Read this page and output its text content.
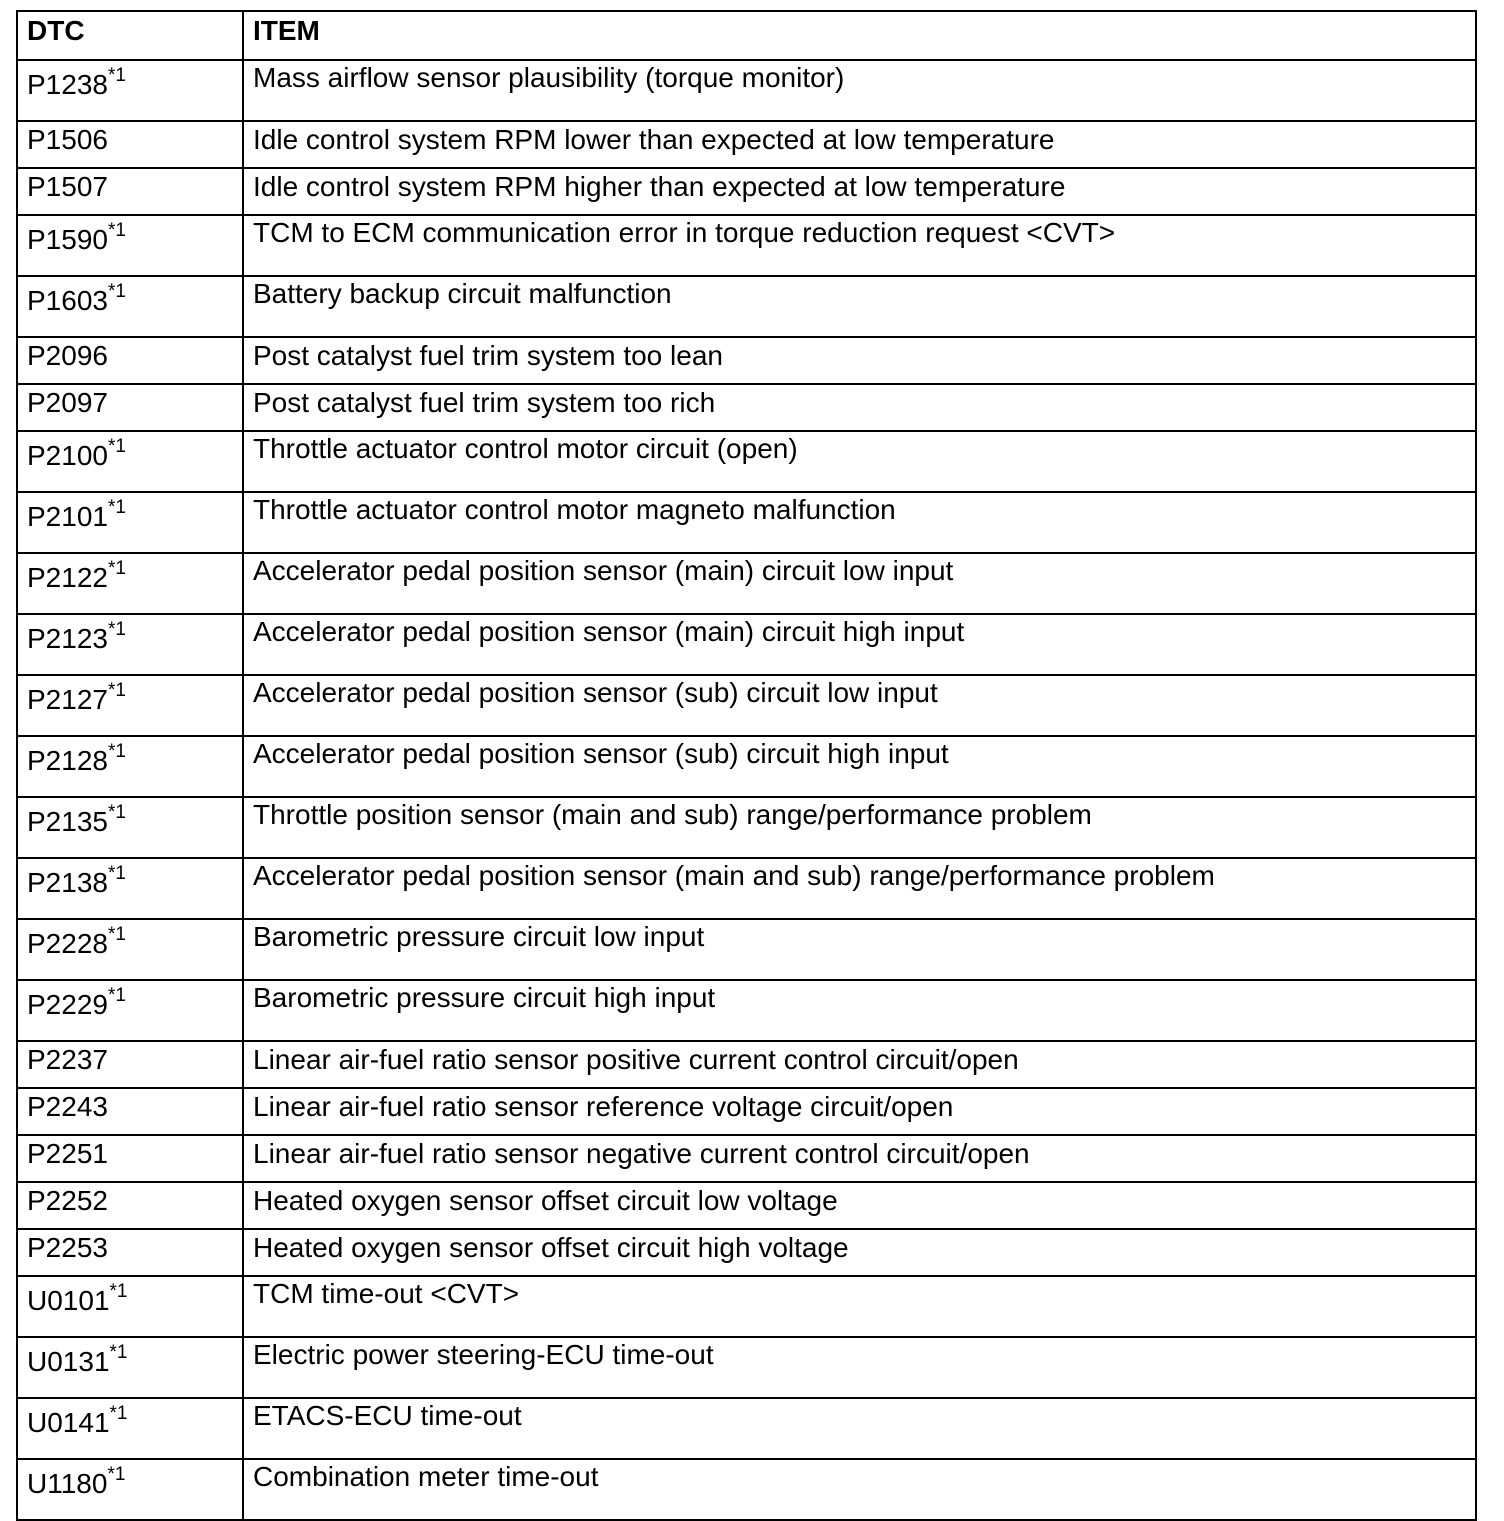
DTC	ITEM
P1238$^{*1}$	Mass airflow sensor plausibility (torque monitor)
P1506	Idle control system RPM lower than expected at low temperature
P1507	Idle control system RPM higher than expected at low temperature
P1590$^{*1}$	TCM to ECM communication error in torque reduction request <CVT>
$P1603^{*1}$	Battery backup circuit malfunction
P2096	Post catalyst fuel trim system too lean
P2097	Post catalyst fuel trim system too rich
P2100$^{*1}$	Throttle actuator control motor circuit (open)
P2101$^{*1}$	Throttle actuator control motor magneto malfunction
P2122$^{*1}$	Accelerator pedal position sensor (main) circuit low input
P2123$^{*1}$	Accelerator pedal position sensor (main) circuit high input
P2127$^{*1}$	Accelerator pedal position sensor (sub) circuit low input
P2128$^{*1}$	Accelerator pedal position sensor (sub) circuit high input
P2135$^{*1}$	Throttle position sensor (main and sub) range/performance problem
P2138$^{*1}$	Accelerator pedal position sensor (main and sub) range/performance problem
P2228$^{*1}$	Barometric pressure circuit low input
P2229$^{*1}$	Barometric pressure circuit high input
P2237	Linear air-fuel ratio sensor positive current control circuit/open
P2243	Linear air-fuel ratio sensor reference voltage circuit/open
P2251	Linear air-fuel ratio sensor negative current control circuit/open
P2252	Heated oxygen sensor offset circuit low voltage
P2253	Heated oxygen sensor offset circuit high voltage
U0101$^{*1}$	TCM time-out <CVT>
$U0131^{*1}$	Electric power steering-ECU time-out
U0141$^{*1}$	ETACS-ECU time-out
U1180$^{*1}$	Combination meter time-out
